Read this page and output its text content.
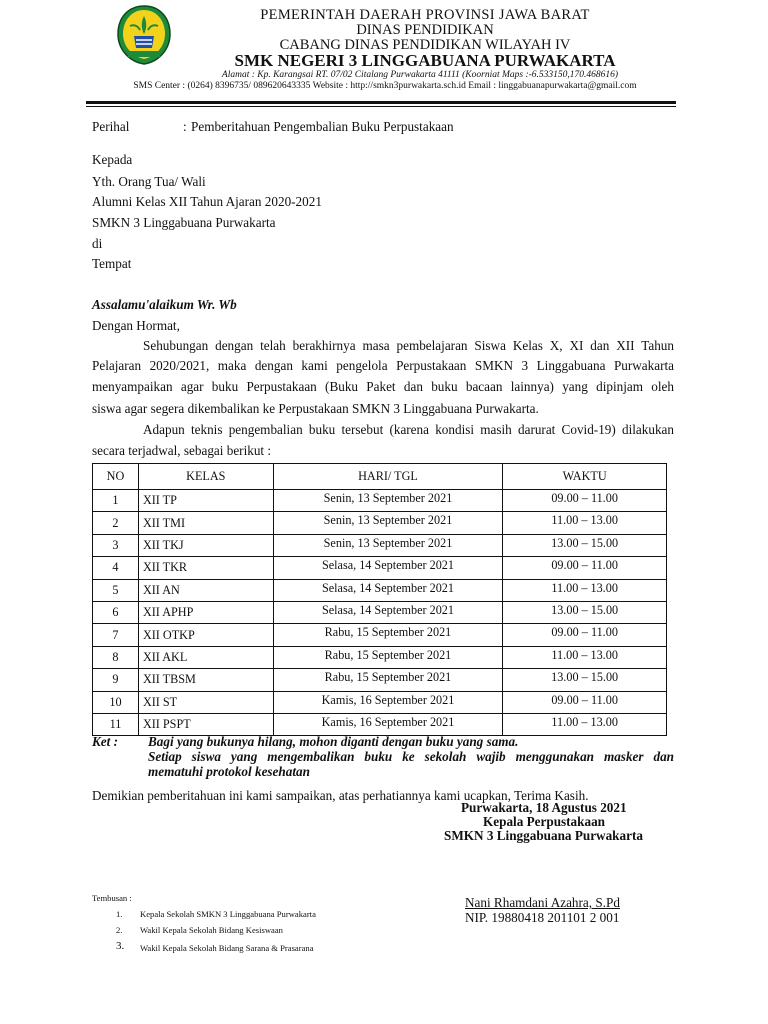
PEMERINTAH DAERAH PROVINSI JAWA BARAT
DINAS PENDIDIKAN
CABANG DINAS PENDIDIKAN WILAYAH IV
SMK NEGERI 3 LINGGABUANA PURWAKARTA
Alamat : Kp. Karangsai RT. 07/02 Citalang Purwakarta 41111 (Koorniat Maps :-6.533150,170.468616)
SMS Center : (0264) 8396735/ 089620643335 Website : http://smkn3purwakarta.sch.id Email : linggabuanapurwakarta@gmail.com
Perihal	: Pemberitahuan Pengembalian Buku Perpustakaan
Kepada
Yth. Orang Tua/ Wali
Alumni Kelas XII Tahun Ajaran 2020-2021
SMKN 3 Linggabuana Purwakarta
di
Tempat
Assalamu'alaikum Wr. Wb
Dengan Hormat,
Sehubungan dengan telah berakhirnya masa pembelajaran Siswa Kelas X, XI dan XII Tahun
Pelajaran 2020/2021, maka dengan kami pengelola Perpustakaan SMKN 3 Linggabuana Purwakarta
menyampaikan agar buku Perpustakaan (Buku Paket dan buku bacaan lainnya) yang dipinjam oleh
siswa agar segera dikembalikan ke Perpustakaan SMKN 3 Linggabuana Purwakarta.
Adapun teknis pengembalian buku tersebut (karena kondisi masih darurat Covid-19) dilakukan
secara terjadwal, sebagai berikut :
NO	KELAS	HARI/ TGL	WAKTU
1	XII TP	Senin, 13 September 2021	09.00 – 11.00
2	XII TMI	Senin, 13 September 2021	11.00 – 13.00
3	XII TKJ	Senin, 13 September 2021	13.00 – 15.00
4	XII TKR	Selasa, 14 September 2021	09.00 – 11.00
5	XII AN	Selasa, 14 September 2021	11.00 – 13.00
6	XII APHP	Selasa, 14 September 2021	13.00 – 15.00
7	XII OTKP	Rabu, 15 September 2021	09.00 – 11.00
8	XII AKL	Rabu, 15 September 2021	11.00 – 13.00
9	XII TBSM	Rabu, 15 September 2021	13.00 – 15.00
10	XII ST	Kamis, 16 September 2021	09.00 – 11.00
11	XII PSPT	Kamis, 16 September 2021	11.00 – 13.00
Ket : Bagi yang bukunya hilang, mohon diganti dengan buku yang sama.
Setiap siswa yang mengembalikan buku ke sekolah wajib menggunakan masker dan
mematuhi protokol kesehatan
Demikian pemberitahuan ini kami sampaikan, atas perhatiannya kami ucapkan, Terima Kasih.
Purwakarta, 18 Agustus 2021
Kepala Perpustakaan
SMKN 3 Linggabuana Purwakarta
Nani Rhamdani Azahra, S.Pd
NIP. 19880418 201101 2 001
Tembusan :
1. Kepala Sekolah SMKN 3 Linggabuana Purwakarta
2. Wakil Kepala Sekolah Bidang Kesiswaan
3. Wakil Kepala Sekolah Bidang Sarana & Prasarana
